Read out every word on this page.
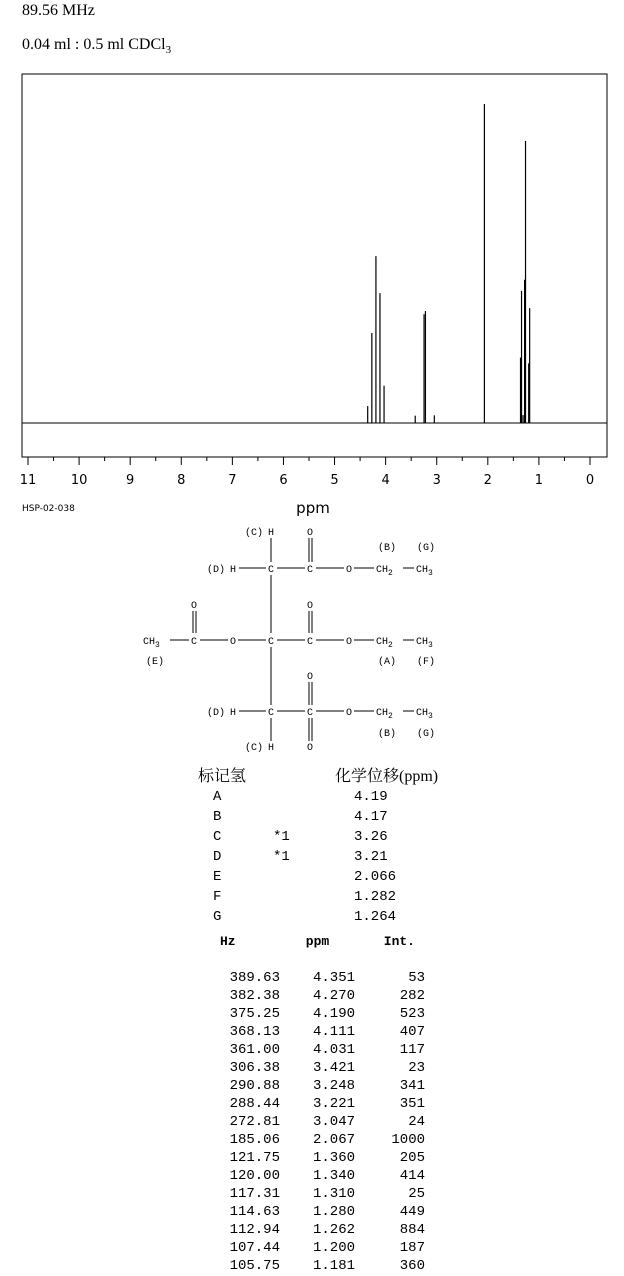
89.56 MHz
0.04 ml : 0.5 ml CDCl$_3$
11	10	9	8	7	6	5	4	3	2	1	0
ppm
HSP-02-038
(C) H	O
(B) (G)
(D) H	C	C	O $CH_2$ $CH_3$
O	O
$CH_3$	C	O	C	C	O $CH_2$ $CH_3$
(E)	(A) (F)
O
(D) H	C	C	O $CH_2$ $CH_3$
(B) (G)
(C) H	O
标记氢	化学位移(ppm)
A	4.19
B	4.17
C *1	3.26
D *1	3.21
E	2.066
F	1.282
G	1.264
Hz	ppm	Int.

389.63	4.351	53
382.38	4.270	282
375.25	4.190	523
368.13	4.111	407
361.00	4.031	117
306.38	3.421	23
290.88	3.248	341
288.44	3.221	351
272.81	3.047	24
185.06	2.067	1000
121.75	1.360	205
120.00	1.340	414
117.31	1.310	25
114.63	1.280	449
112.94	1.262	884
107.44	1.200	187
105.75	1.181	360
